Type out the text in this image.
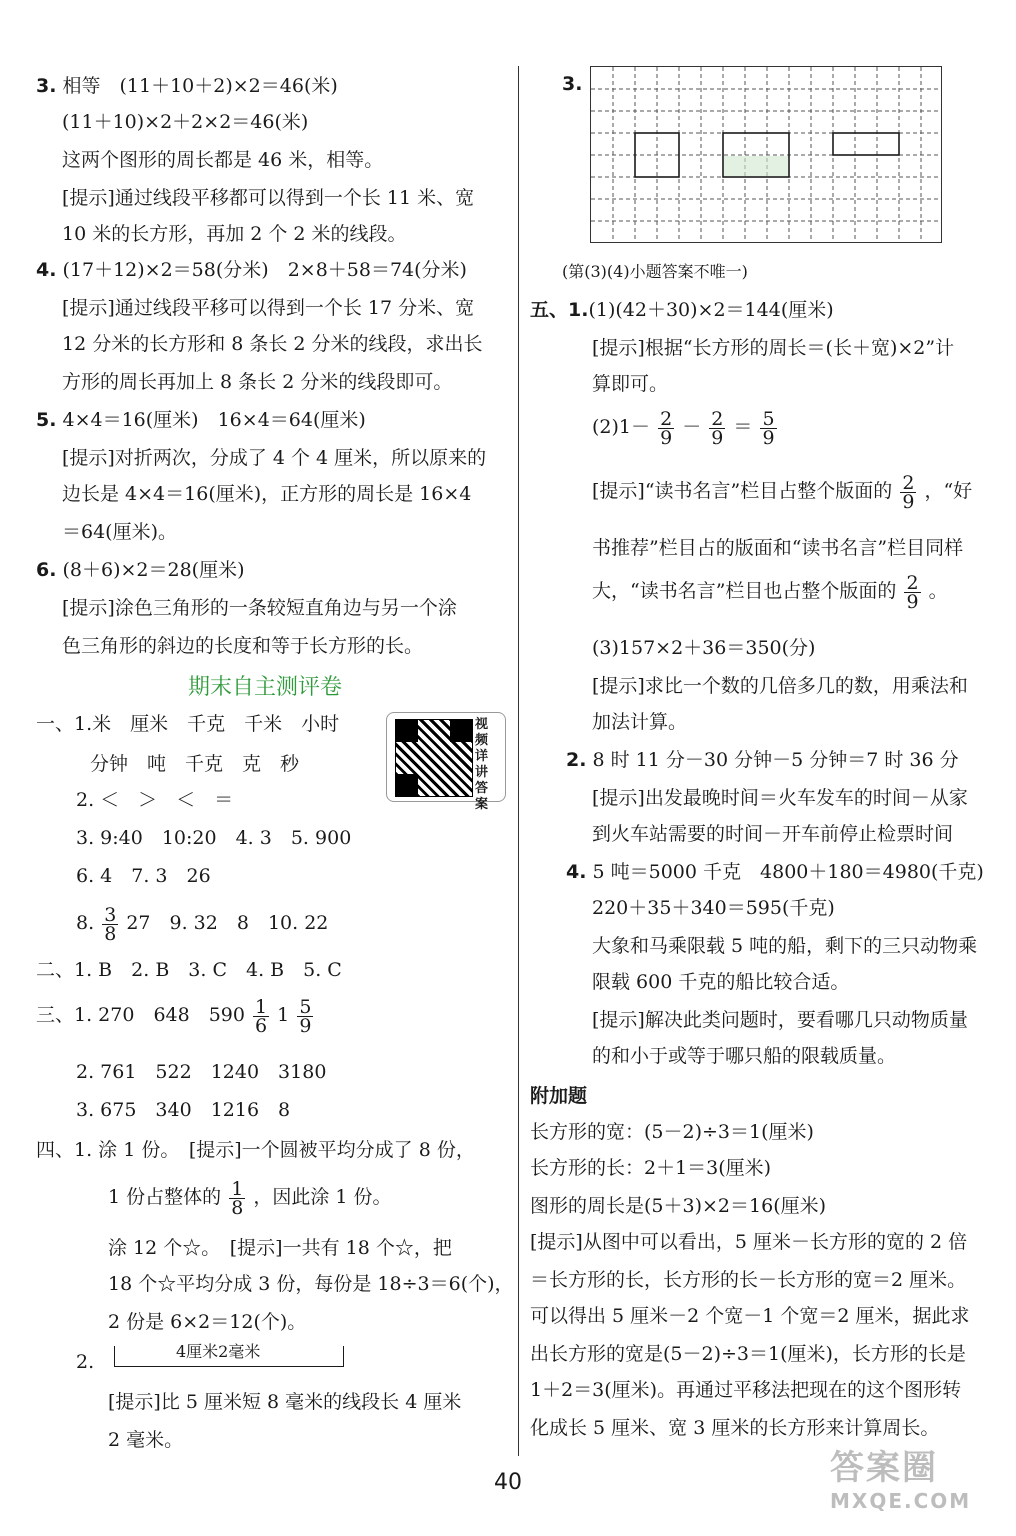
3. 相等　(11＋10＋2)×2＝46(米)
(11＋10)×2＋2×2＝46(米)
这两个图形的周长都是 46 米，相等。
[提示]通过线段平移都可以得到一个长 11 米、宽
10 米的长方形，再加 2 个 2 米的线段。
4. (17＋12)×2＝58(分米)　2×8＋58＝74(分米)
[提示]通过线段平移可以得到一个长 17 分米、宽
12 分米的长方形和 8 条长 2 分米的线段，求出长
方形的周长再加上 8 条长 2 分米的线段即可。
5. 4×4＝16(厘米)　16×4＝64(厘米)
[提示]对折两次，分成了 4 个 4 厘米，所以原来的
边长是 4×4＝16(厘米)，正方形的周长是 16×4
＝64(厘米)。
6. (8＋6)×2＝28(厘米)
[提示]涂色三角形的一条较短直角边与另一个涂
色三角形的斜边的长度和等于长方形的长。
期末自主测评卷
视频详讲答案
一、1.米　厘米　千克　千米　小时
分钟　吨　千克　克　秒
2. ＜　＞　＜　＝
3. 9:40　10:20　4. 3　5. 900
6. 4　7. 3　26
8. $\frac{3}{8} 27$　9. 32　8　10. 22
二、1. B　2. B　3. C　4. B　5. C
三、1. 270　648　$590 \frac{1}{6} 1 \frac{5}{9}$
2. 761　522　1240　3180
3. 675　340　1216　8
四、1. 涂 1 份。　[提示]一个圆被平均分成了 8 份，
1 份占整体的 $\frac{1}{8}$ ，因此涂 1 份。
涂 12 个☆。　[提示]一共有 18 个☆，把
18 个☆平均分成 3 份，每份是 18÷3＝6(个)，
2 份是 6×2＝12(个)。
2.	4厘米2毫米
[提示]比 5 厘米短 8 毫米的线段长 4 厘米
2 毫米。
3.
(第(3)(4)小题答案不唯一)
五、1.(1)(42＋30)×2＝144(厘米)
[提示]根据“长方形的周长＝(长＋宽)×2”计
算即可。
$(2)1- \frac{2}{9} - \frac{2}{9} = \frac{5}{9}$
[提示]“读书名言”栏目占整个版面的 $\frac{2}{9}$ ，“好
书推荐”栏目占的版面和“读书名言”栏目同样
大，“读书名言”栏目也占整个版面的 $\frac{2}{9}$ 。
(3)157×2＋36＝350(分)
[提示]求比一个数的几倍多几的数，用乘法和
加法计算。
2. 8 时 11 分－30 分钟－5 分钟＝7 时 36 分
[提示]出发最晚时间＝火车发车的时间－从家
到火车站需要的时间－开车前停止检票时间
4. 5 吨＝5000 千克　4800＋180＝4980(千克)
220＋35＋340＝595(千克)
大象和马乘限载 5 吨的船，剩下的三只动物乘
限载 600 千克的船比较合适。
[提示]解决此类问题时，要看哪几只动物质量
的和小于或等于哪只船的限载质量。
附加题
长方形的宽：(5－2)÷3＝1(厘米)
长方形的长：2＋1＝3(厘米)
图形的周长是(5＋3)×2＝16(厘米)
[提示]从图中可以看出，5 厘米－长方形的宽的 2 倍
＝长方形的长，长方形的长－长方形的宽＝2 厘米。
可以得出 5 厘米－2 个宽－1 个宽＝2 厘米，据此求
出长方形的宽是(5－2)÷3＝1(厘米)，长方形的长是
1＋2＝3(厘米)。再通过平移法把现在的这个图形转
化成长 5 厘米、宽 3 厘米的长方形来计算周长。
40	答案圈
MXQE.COM
